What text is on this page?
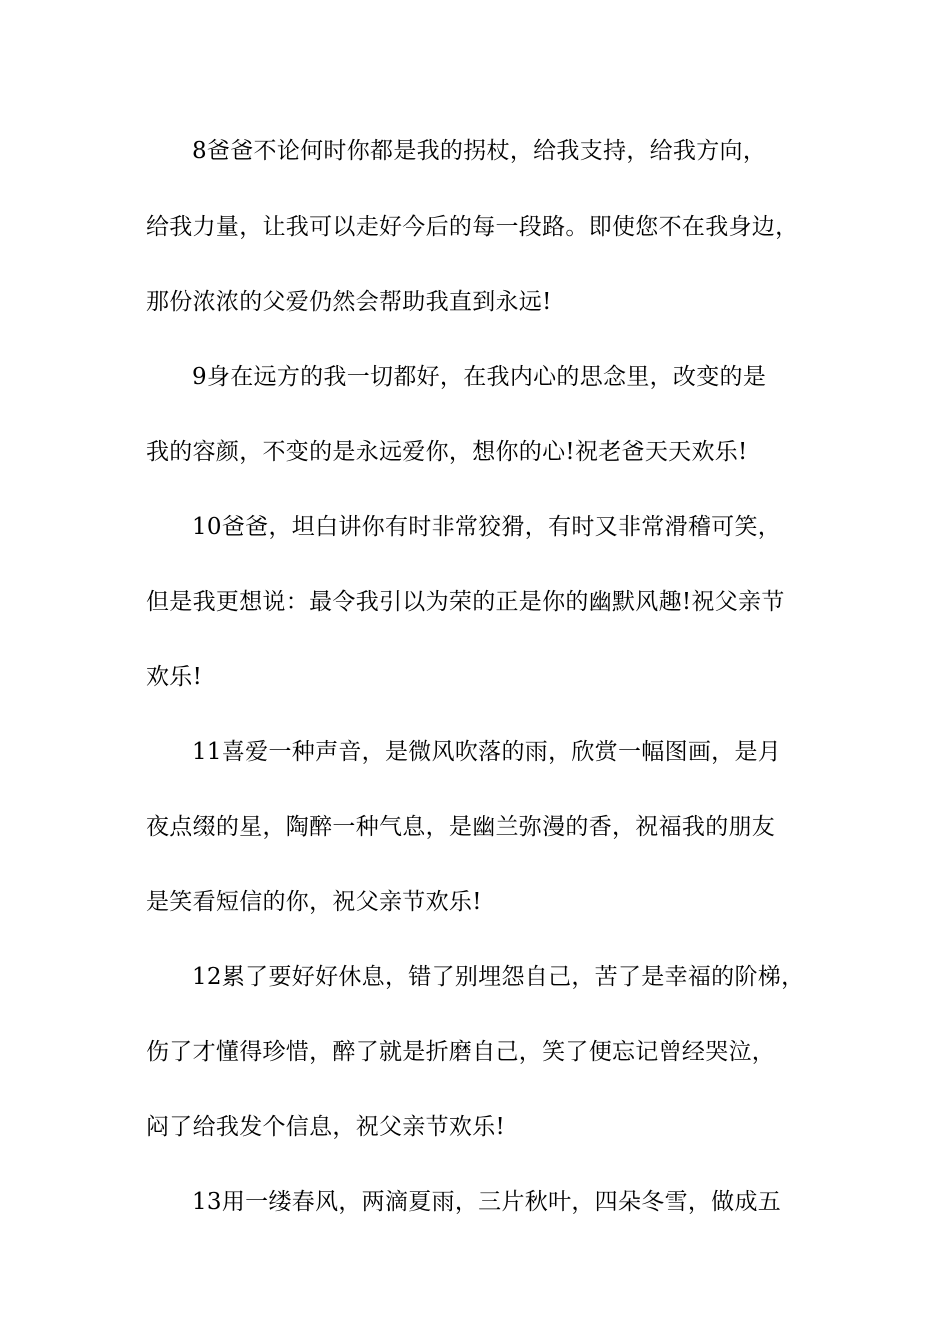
8爸爸不论何时你都是我的拐杖，给我支持，给我方向，
给我力量，让我可以走好今后的每一段路。即使您不在我身边，
那份浓浓的父爱仍然会帮助我直到永远!
9身在远方的我一切都好，在我内心的思念里，改变的是
我的容颜，不变的是永远爱你，想你的心!祝老爸天天欢乐!
10爸爸，坦白讲你有时非常狡猾，有时又非常滑稽可笑，
但是我更想说：最令我引以为荣的正是你的幽默风趣!祝父亲节
欢乐!
11喜爱一种声音，是微风吹落的雨，欣赏一幅图画，是月
夜点缀的星，陶醉一种气息，是幽兰弥漫的香，祝福我的朋友
是笑看短信的你，祝父亲节欢乐!
12累了要好好休息，错了别埋怨自己，苦了是幸福的阶梯，
伤了才懂得珍惜，醉了就是折磨自己，笑了便忘记曾经哭泣，
闷了给我发个信息，祝父亲节欢乐!
13用一缕春风，两滴夏雨，三片秋叶，四朵冬雪，做成五
